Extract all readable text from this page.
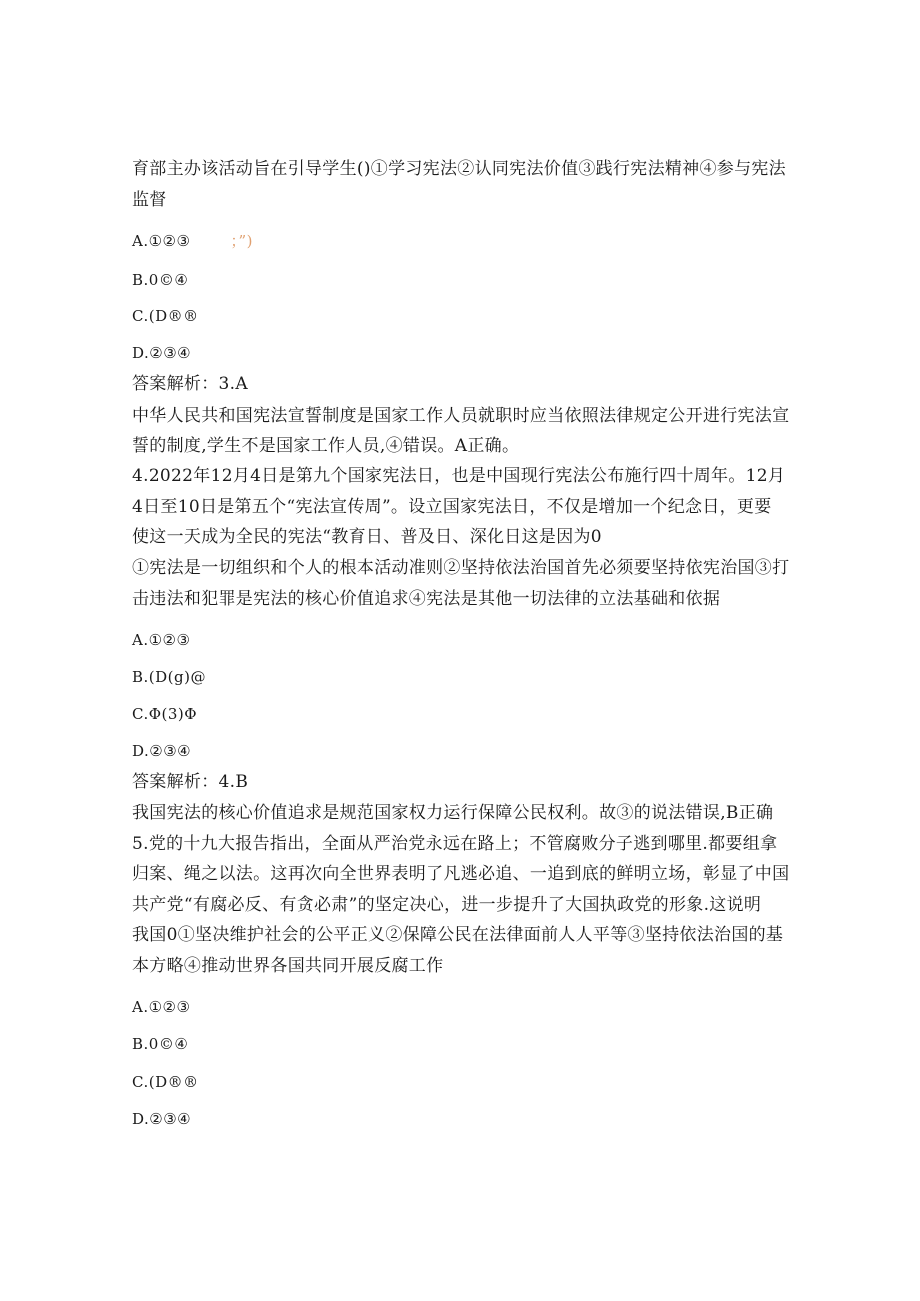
育部主办该活动旨在引导学生()①学习宪法②认同宪法价值③践行宪法精神④参与宪法
监督
A.①②③	；”)
B.0©④
C.(D®®
D.②③④
答案解析：3.A
中华人民共和国宪法宣誓制度是国家工作人员就职时应当依照法律规定公开进行宪法宣
誓的制度,学生不是国家工作人员,④错误。A正确。
4.2022年12月4日是第九个国家宪法日，也是中国现行宪法公布施行四十周年。12月
4日至10日是第五个“宪法宣传周”。设立国家宪法日，不仅是增加一个纪念日，更要
使这一天成为全民的宪法“教育日、普及日、深化日这是因为0
①宪法是一切组织和个人的根本活动准则②坚持依法治国首先必须要坚持依宪治国③打
击违法和犯罪是宪法的核心价值追求④宪法是其他一切法律的立法基础和依据
A.①②③
B.(D(g)@
C.Φ(3)Φ
D.②③④
答案解析：4.B
我国宪法的核心价值追求是规范国家权力运行保障公民权利。故③的说法错误,B正确
5.党的十九大报告指出，全面从严治党永远在路上；不管腐败分子逃到哪里.都要组拿
归案、绳之以法。这再次向全世界表明了凡逃必追、一追到底的鲜明立场，彰显了中国
共产党“有腐必反、有贪必肃”的坚定决心，进一步提升了大国执政党的形象.这说明
我国0①坚决维护社会的公平正义②保障公民在法律面前人人平等③坚持依法治国的基
本方略④推动世界各国共同开展反腐工作
A.①②③
B.0©④
C.(D®®
D.②③④
